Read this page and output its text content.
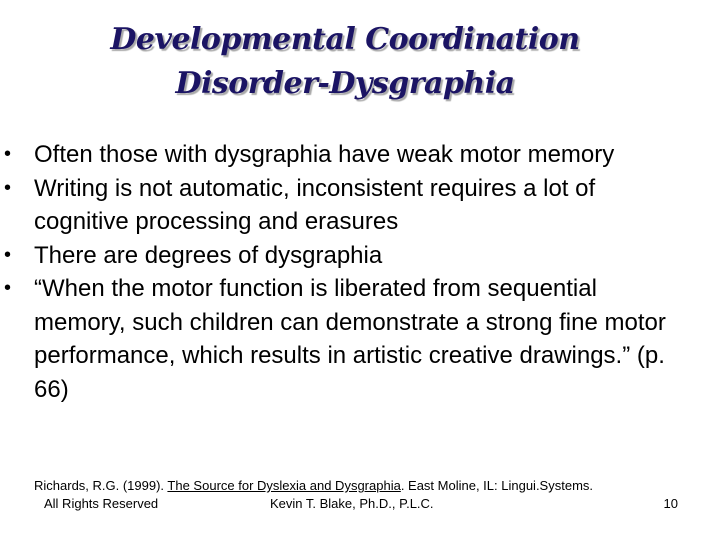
Developmental Coordination
Disorder-Dysgraphia
• Often those with dysgraphia have weak motor memory
• Writing is not automatic, inconsistent requires a lot of cognitive processing and erasures
• There are degrees of dysgraphia
• “When the motor function is liberated from sequential memory, such children can demonstrate a strong fine motor performance, which results in artistic creative drawings.” (p. 66)
Richards, R.G. (1999). The Source for Dyslexia and Dysgraphia. East Moline, IL: Lingui.Systems.
All Rights Reserved	Kevin T. Blake, Ph.D., P.L.C.	10
